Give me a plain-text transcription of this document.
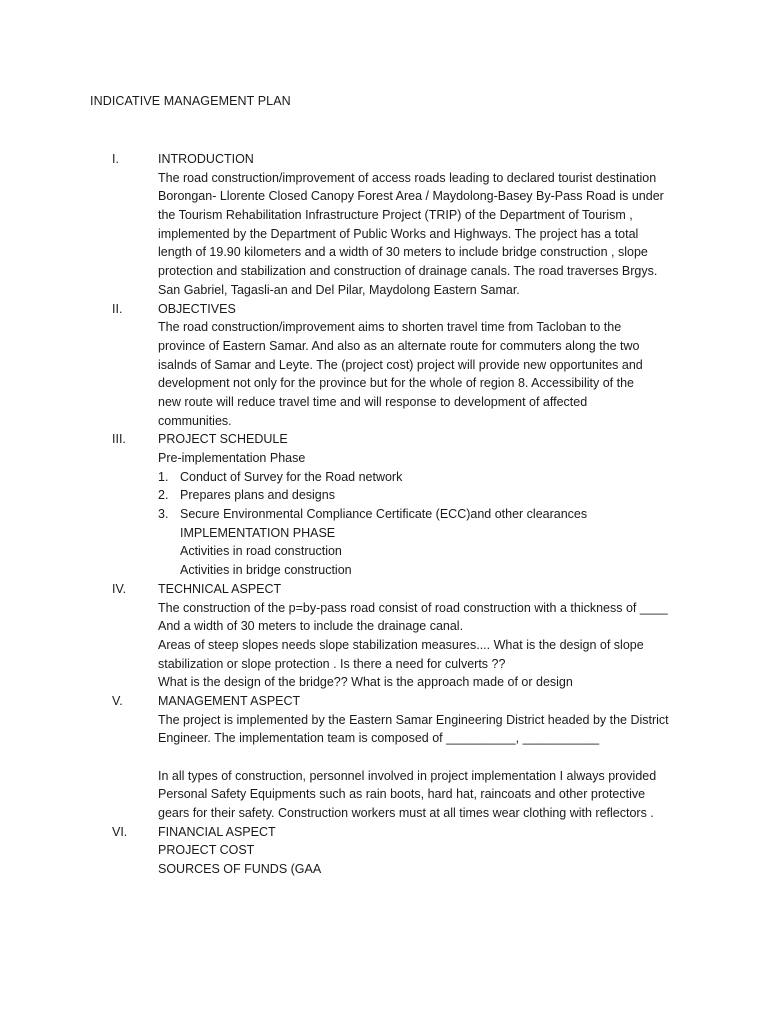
INDICATIVE MANAGEMENT PLAN
I.	INTRODUCTION
The road construction/improvement of access roads leading to declared tourist destination
Borongan- Llorente Closed Canopy Forest Area / Maydolong-Basey By-Pass Road is under
the Tourism Rehabilitation Infrastructure Project (TRIP) of the Department of Tourism ,
implemented by the Department of Public Works and Highways. The project has a total
length of 19.90 kilometers and a width of 30 meters to include bridge construction , slope
protection and stabilization and construction of drainage canals. The road traverses Brgys.
San Gabriel, Tagasli-an and Del Pilar, Maydolong Eastern Samar.
II.	OBJECTIVES
The road construction/improvement aims to shorten travel time from Tacloban to the
province of Eastern Samar. And also as an alternate route for commuters along the two
isalnds of Samar and Leyte. The (project cost) project will provide new opportunites and
development not only for the province but for the whole of region 8. Accessibility of the
new route will reduce travel time and will response to development of affected
communities.
III.	PROJECT SCHEDULE
Pre-implementation Phase
1. Conduct of Survey for the Road network
2. Prepares plans and designs
3. Secure Environmental Compliance Certificate (ECC)and other clearances
IMPLEMENTATION PHASE
Activities in road construction
Activities in bridge construction
IV.	TECHNICAL ASPECT
The construction of the p=by-pass road consist of road construction with a thickness of ____
And a width of 30 meters to include the drainage canal.
Areas of steep slopes needs slope stabilization measures.... What is the design of slope
stabilization or slope protection . Is there a need for culverts ??
What is the design of the bridge?? What is the approach made of or design
V.	MANAGEMENT ASPECT
The project is implemented by the Eastern Samar Engineering District headed by the District
Engineer. The implementation team is composed of __________, ___________
In all types of construction, personnel involved in project implementation I always provided
Personal Safety Equipments such as rain boots, hard hat, raincoats and other protective
gears for their safety. Construction workers must at all times wear clothing with reflectors .
VI. FINANCIAL ASPECT
PROJECT COST
SOURCES OF FUNDS (GAA
